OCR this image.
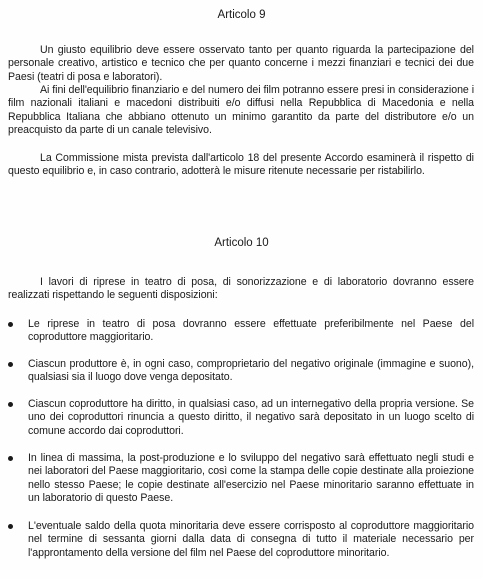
Articolo 9

Un giusto equilibrio deve essere osservato tanto per quanto riguarda la partecipazione del personale creativo, artistico e tecnico che per quanto concerne i mezzi finanziari e tecnici dei due Paesi (teatri di posa e laboratori).

Ai fini dell'equilibrio finanziario e del numero dei film potranno essere presi in considerazione i film nazionali italiani e macedoni distribuiti e/o diffusi nella Repubblica di Macedonia e nella Repubblica Italiana che abbiano ottenuto un minimo garantito da parte del distributore e/o un preacquisto da parte di un canale televisivo.

La Commissione mista prevista dall'articolo 18 del presente Accordo esaminerà il rispetto di questo equilibrio e, in caso contrario, adotterà le misure ritenute necessarie per ristabilirlo.

Articolo 10

I lavori di riprese in teatro di posa, di sonorizzazione e di laboratorio dovranno essere realizzati rispettando le seguenti disposizioni:

Le riprese in teatro di posa dovranno essere effettuate preferibilmente nel Paese del coproduttore maggioritario.

Ciascun produttore è, in ogni caso, comproprietario del negativo originale (immagine e suono), qualsiasi sia il luogo dove venga depositato.

Ciascun coproduttore ha diritto, in qualsiasi caso, ad un internegativo della propria versione. Se uno dei coproduttori rinuncia a questo diritto, il negativo sarà depositato in un luogo scelto di comune accordo dai coproduttori.

In linea di massima, la post-produzione e lo sviluppo del negativo sarà effettuato negli studi e nei laboratori del Paese maggioritario, così come la stampa delle copie destinate alla proiezione nello stesso Paese; le copie destinate all'esercizio nel Paese minoritario saranno effettuate in un laboratorio di questo Paese.

L'eventuale saldo della quota minoritaria deve essere corrisposto al coproduttore maggioritario nel termine di sessanta giorni dalla data di consegna di tutto il materiale necessario per l'approntamento della versione del film nel Paese del coproduttore minoritario.
